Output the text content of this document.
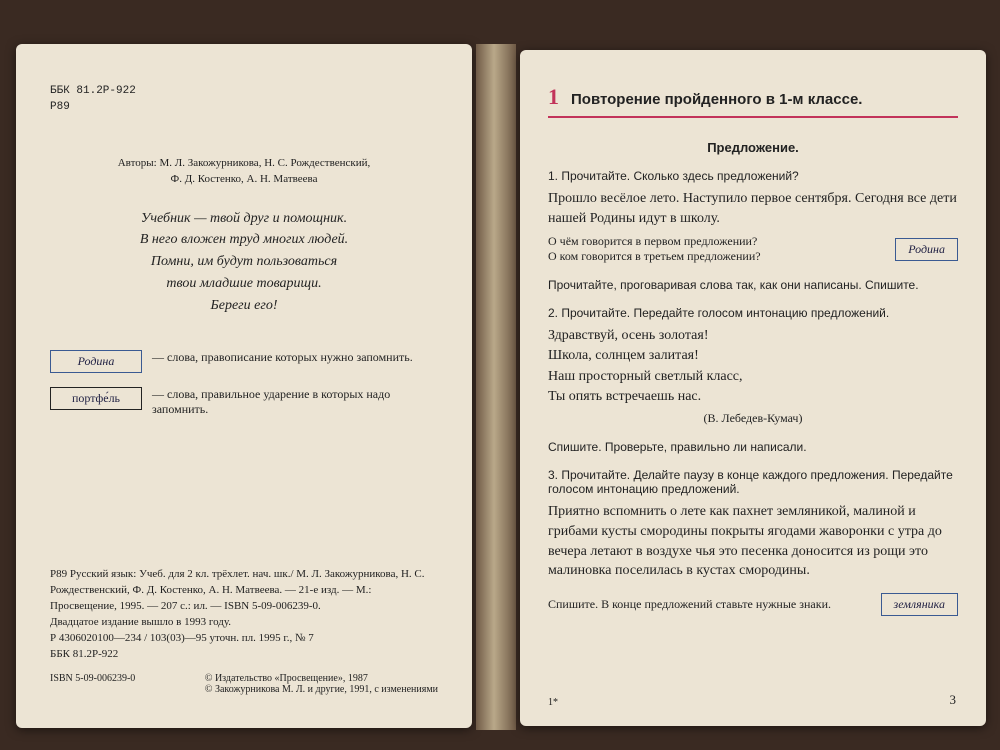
ББК 81.2Р-922
Р89
Авторы: М. Л. Закожурникова, Н. С. Рождественский,
Ф. Д. Костенко, А. Н. Матвеева
Учебник — твой друг и помощник.
В него вложен труд многих людей.
Помни, им будут пользоваться
твои младшие товарищи.
Береги его!
Родина	— слова, правописание которых нужно запомнить.
портфе́ль	— слова, правильное ударение в которых надо запомнить.
Р89 Русский язык: Учеб. для 2 кл. трёхлет. нач. шк./ М. Л. Закожурникова, Н. С. Рождественский, Ф. Д. Костенко, А. Н. Матвеева. — 21-е изд. — М.: Просвещение, 1995. — 207 с.: ил. — ISBN 5-09-006239-0.
Двадцатое издание вышло в 1993 году.
Р 4306020100—234 / 103(03)—95 уточн. пл. 1995 г., № 7
ББК 81.2Р-922
ISBN 5-09-006239-0	© Издательство «Просвещение», 1987
© Закожурникова М. Л. и другие, 1991, с изменениями
1 Повторение пройденного в 1-м классе.
Предложение.
1. Прочитайте. Сколько здесь предложений?
Прошло весёлое лето. Наступило первое сентября. Сегодня все дети нашей Родины идут в школу.
О чём говорится в первом предложении?
О ком говорится в третьем предложении?
Родина
Прочитайте, проговаривая слова так, как они написаны. Спишите.
2. Прочитайте. Передайте голосом интонацию предложений.
Здравствуй, осень золотая!
Школа, солнцем залитая!
Наш просторный светлый класс,
Ты опять встречаешь нас.
(В. Лебедев-Кумач)
Спишите. Проверьте, правильно ли написали.
3. Прочитайте. Делайте паузу в конце каждого предложения. Передайте голосом интонацию предложений.
Приятно вспомнить о лете как пахнет земляникой, малиной и грибами кусты смородины покрыты ягодами жаворонки с утра до вечера летают в воздухе чья это песенка доносится из рощи это малиновка поселилась в кустах смородины.
Спишите. В конце предложений ставьте нужные знаки.	земляника
1*	3
